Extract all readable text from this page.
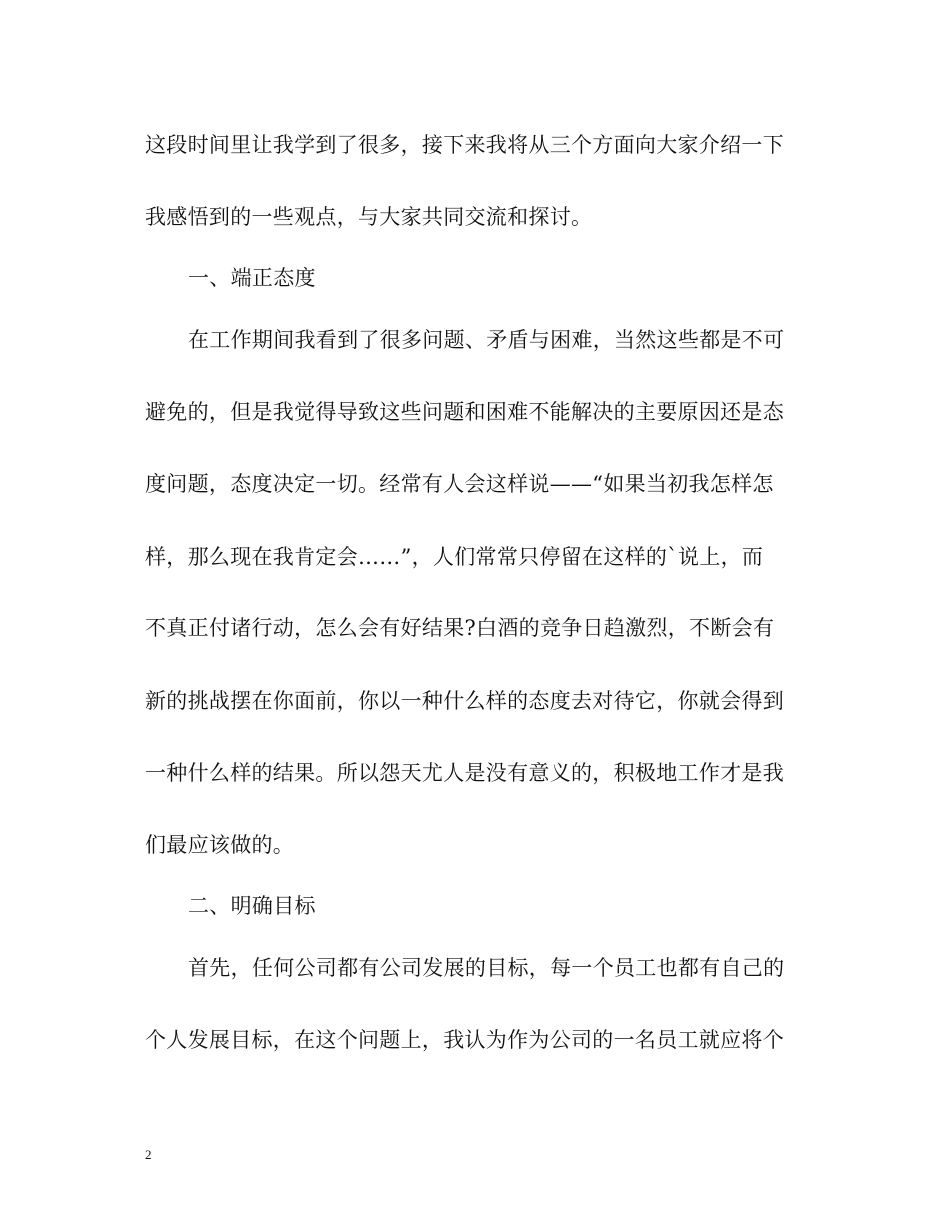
这段时间里让我学到了很多，接下来我将从三个方面向大家介绍一下
我感悟到的一些观点，与大家共同交流和探讨。
一、端正态度
在工作期间我看到了很多问题、矛盾与困难，当然这些都是不可
避免的，但是我觉得导致这些问题和困难不能解决的主要原因还是态
度问题，态度决定一切。经常有人会这样说——“如果当初我怎样怎
样，那么现在我肯定会……”，人们常常只停留在这样的`说上，而
不真正付诸行动，怎么会有好结果?白酒的竞争日趋激烈，不断会有
新的挑战摆在你面前，你以一种什么样的态度去对待它，你就会得到
一种什么样的结果。所以怨天尤人是没有意义的，积极地工作才是我
们最应该做的。
二、明确目标
首先，任何公司都有公司发展的目标，每一个员工也都有自己的
个人发展目标，在这个问题上，我认为作为公司的一名员工就应将个
2
